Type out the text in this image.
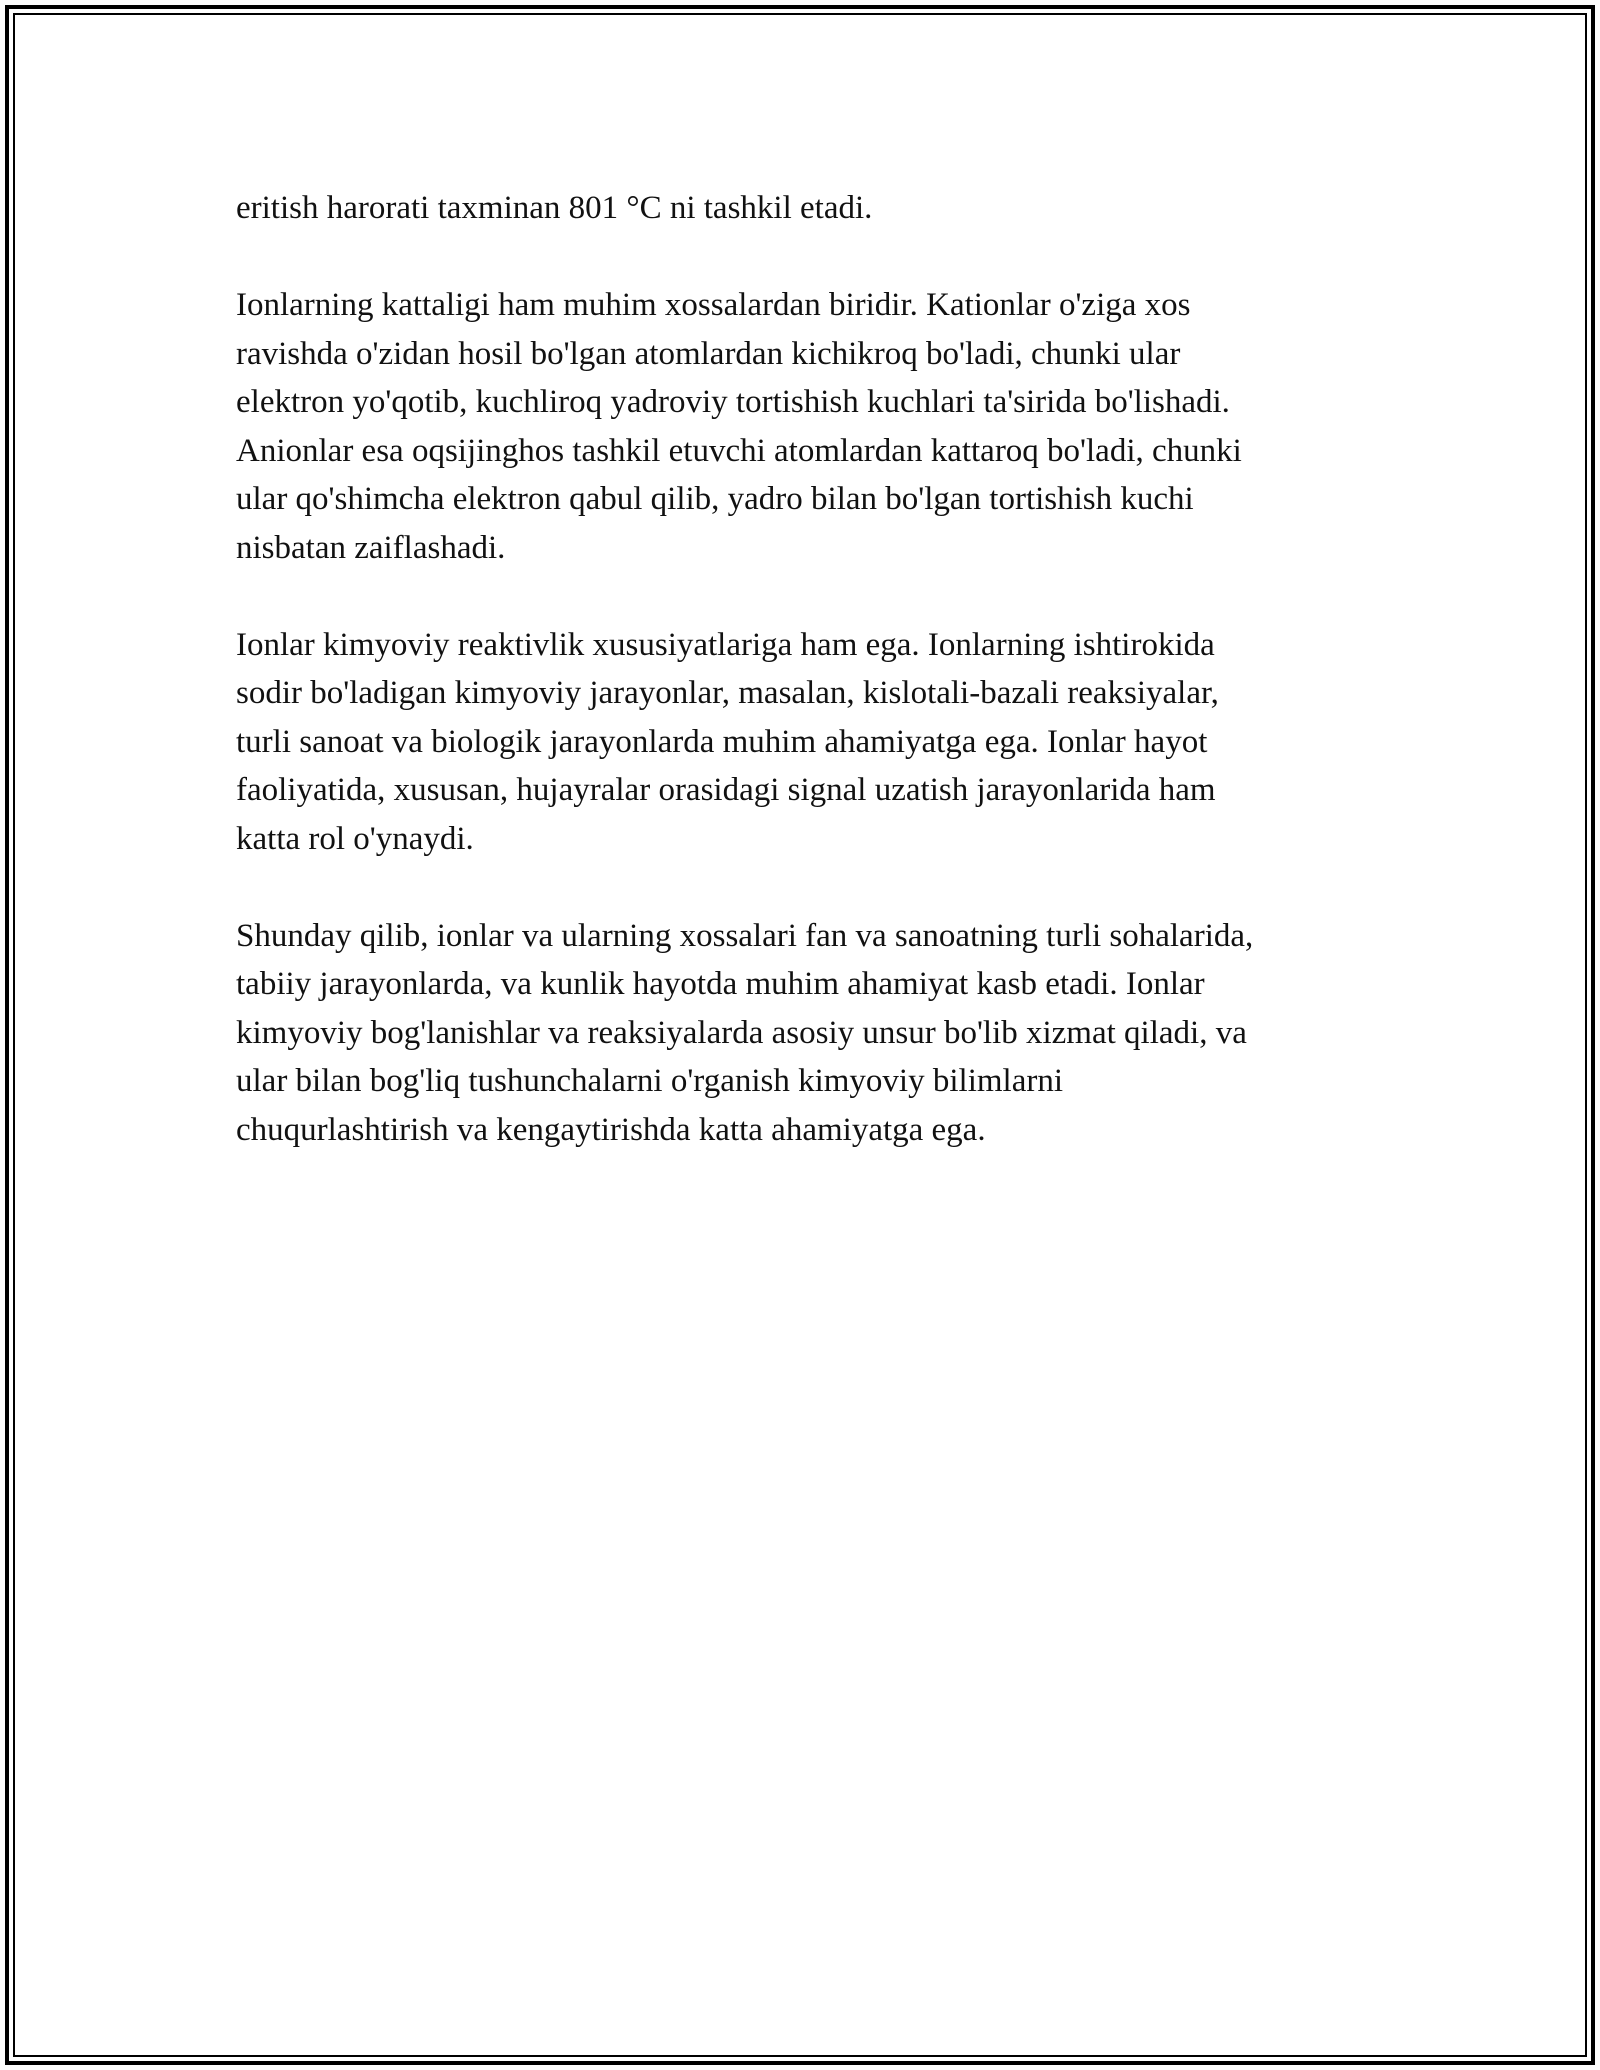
eritish harorati taxminan 801 °C ni tashkil etadi.

Ionlarning kattaligi ham muhim xossalardan biridir. Kationlar o'ziga xos
ravishda o'zidan hosil bo'lgan atomlardan kichikroq bo'ladi, chunki ular
elektron yo'qotib, kuchliroq yadroviy tortishish kuchlari ta'sirida bo'lishadi.
Anionlar esa oqsijinghos tashkil etuvchi atomlardan kattaroq bo'ladi, chunki
ular qo'shimcha elektron qabul qilib, yadro bilan bo'lgan tortishish kuchi
nisbatan zaiflashadi.

Ionlar kimyoviy reaktivlik xususiyatlariga ham ega. Ionlarning ishtirokida
sodir bo'ladigan kimyoviy jarayonlar, masalan, kislotali-bazali reaksiyalar,
turli sanoat va biologik jarayonlarda muhim ahamiyatga ega. Ionlar hayot
faoliyatida, xususan, hujayralar orasidagi signal uzatish jarayonlarida ham
katta rol o'ynaydi.

Shunday qilib, ionlar va ularning xossalari fan va sanoatning turli sohalarida,
tabiiy jarayonlarda, va kunlik hayotda muhim ahamiyat kasb etadi. Ionlar
kimyoviy bog'lanishlar va reaksiyalarda asosiy unsur bo'lib xizmat qiladi, va
ular bilan bog'liq tushunchalarni o'rganish kimyoviy bilimlarni
chuqurlashtirish va kengaytirishda katta ahamiyatga ega.
